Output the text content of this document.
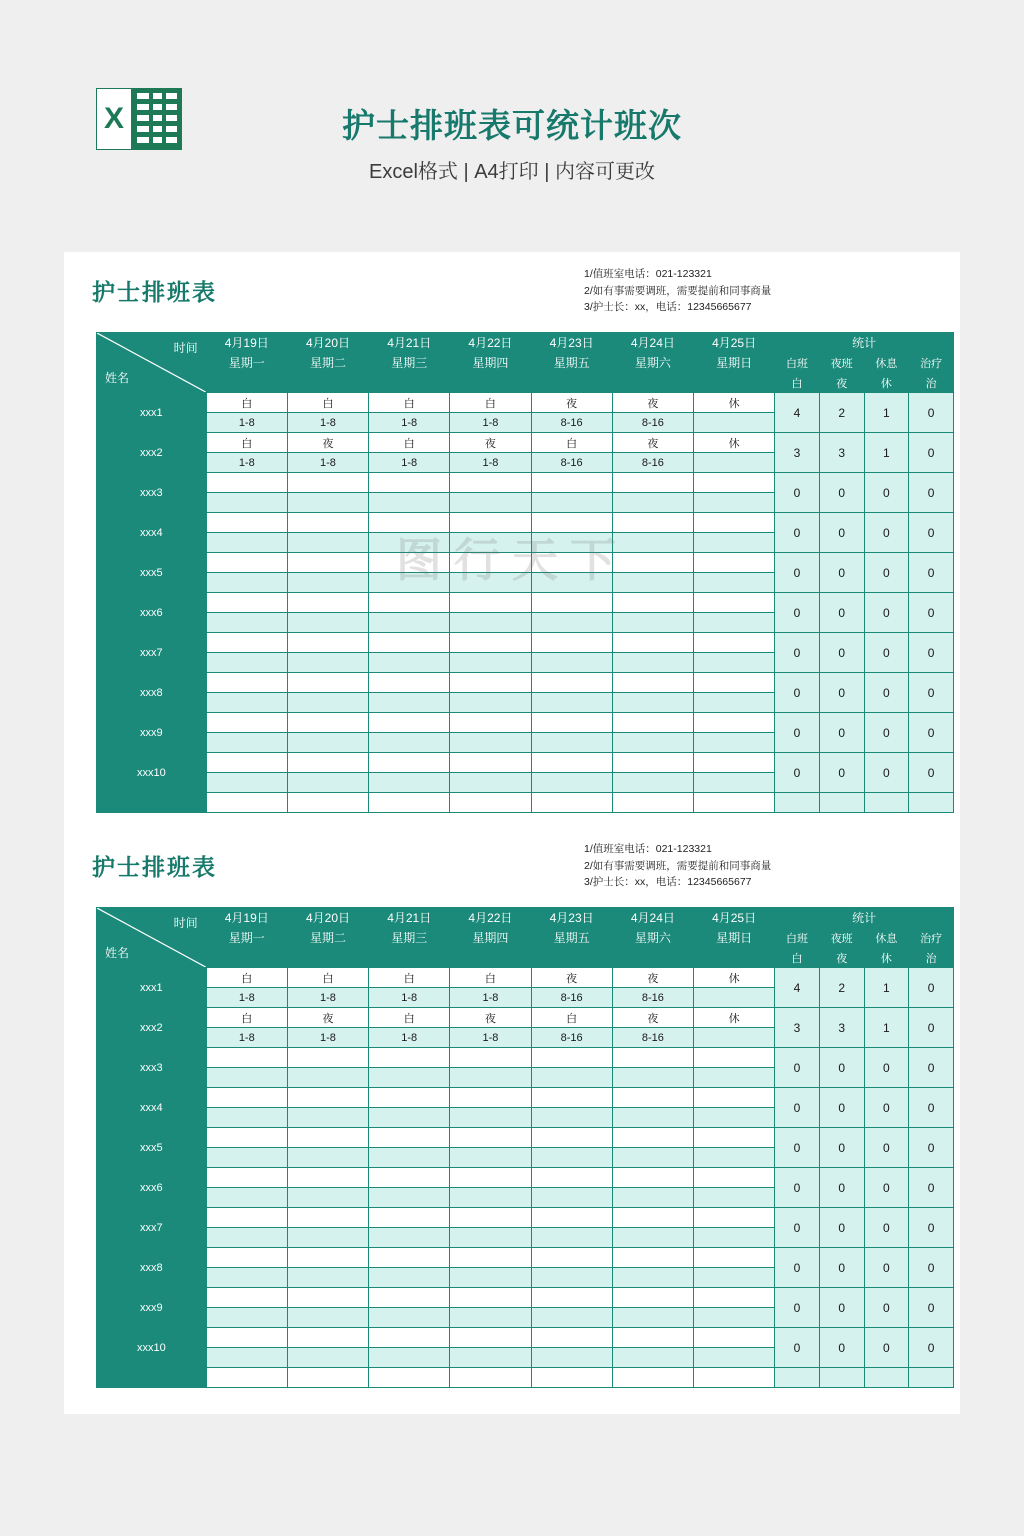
X	护士排班表可统计班次
Excel格式 | A4打印 | 内容可更改
护士排班表
1/值班室电话：021-123321
2/如有事需要调班，需要提前和同事商量
3/护士长：xx，电话：12345665677
时间
姓名	4月19日	4月20日	4月21日	4月22日	4月23日	4月24日	4月25日	统计			
	星期一	星期二	星期三	星期四	星期五	星期六	星期日	白班	夜班	休息	治疗
								白	夜	休	治
xxx1	白	白	白	白	夜	夜	休	4	2	1	0
	1-8	1-8	1-8	1-8	8-16	8-16					
xxx2	白	夜	白	夜	白	夜	休	3	3	1	0
	1-8	1-8	1-8	1-8	8-16	8-16					
xxx3								0	0	0	0

xxx4								0	0	0	0

xxx5								0	0	0	0

xxx6								0	0	0	0

xxx7								0	0	0	0

xxx8								0	0	0	0

xxx9								0	0	0	0

xxx10								0	0	0	0

图行天下
护士排班表
1/值班室电话：021-123321
2/如有事需要调班，需要提前和同事商量
3/护士长：xx，电话：12345665677
时间
姓名	4月19日	4月20日	4月21日	4月22日	4月23日	4月24日	4月25日	统计			
	星期一	星期二	星期三	星期四	星期五	星期六	星期日	白班	夜班	休息	治疗
								白	夜	休	治
xxx1	白	白	白	白	夜	夜	休	4	2	1	0
	1-8	1-8	1-8	1-8	8-16	8-16					
xxx2	白	夜	白	夜	白	夜	休	3	3	1	0
	1-8	1-8	1-8	1-8	8-16	8-16					
xxx3								0	0	0	0

xxx4								0	0	0	0

xxx5								0	0	0	0

xxx6								0	0	0	0

xxx7								0	0	0	0

xxx8								0	0	0	0

xxx9								0	0	0	0

xxx10								0	0	0	0
